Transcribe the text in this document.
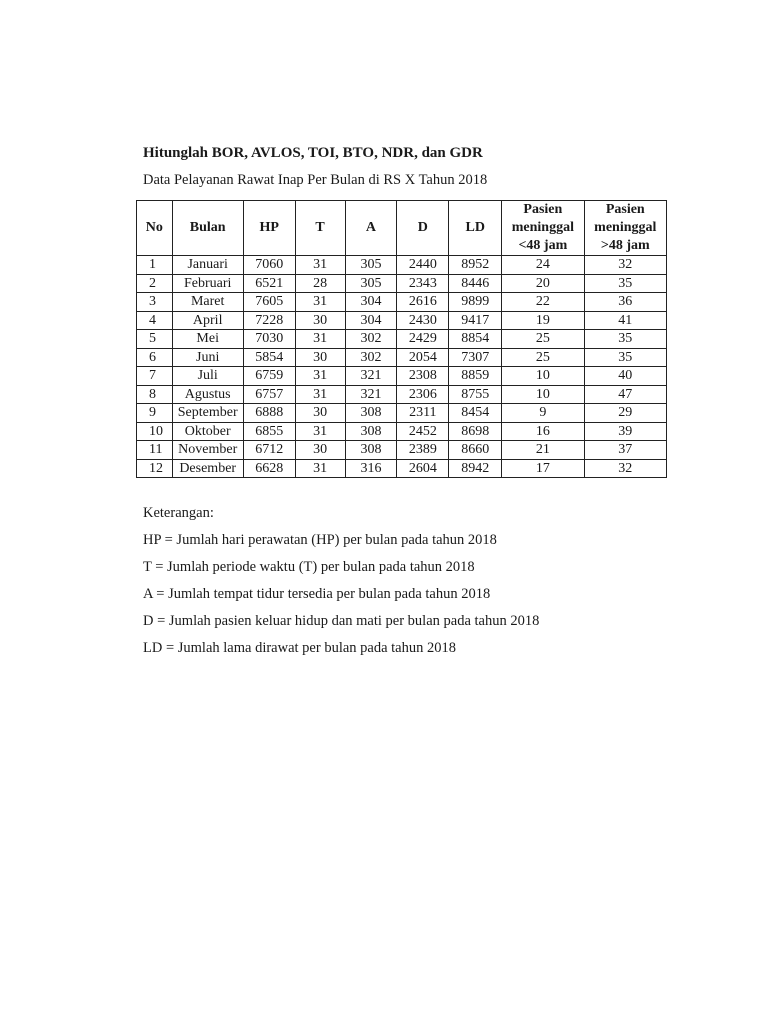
Hitunglah BOR, AVLOS, TOI, BTO, NDR, dan GDR

Data Pelayanan Rawat Inap Per Bulan di RS X Tahun 2018

No	Bulan	HP	T	A	D	LD	Pasien meninggal <48 jam	Pasien meninggal >48 jam
1	Januari	7060	31	305	2440	8952	24	32
2	Februari	6521	28	305	2343	8446	20	35
3	Maret	7605	31	304	2616	9899	22	36
4	April	7228	30	304	2430	9417	19	41
5	Mei	7030	31	302	2429	8854	25	35
6	Juni	5854	30	302	2054	7307	25	35
7	Juli	6759	31	321	2308	8859	10	40
8	Agustus	6757	31	321	2306	8755	10	47
9	September	6888	30	308	2311	8454	9	29
10	Oktober	6855	31	308	2452	8698	16	39
11	November	6712	30	308	2389	8660	21	37
12	Desember	6628	31	316	2604	8942	17	32

Keterangan:

HP = Jumlah hari perawatan (HP) per bulan pada tahun 2018

T = Jumlah periode waktu (T) per bulan pada tahun 2018

A = Jumlah tempat tidur tersedia per bulan pada tahun 2018

D = Jumlah pasien keluar hidup dan mati per bulan pada tahun 2018

LD = Jumlah lama dirawat per bulan pada tahun 2018
